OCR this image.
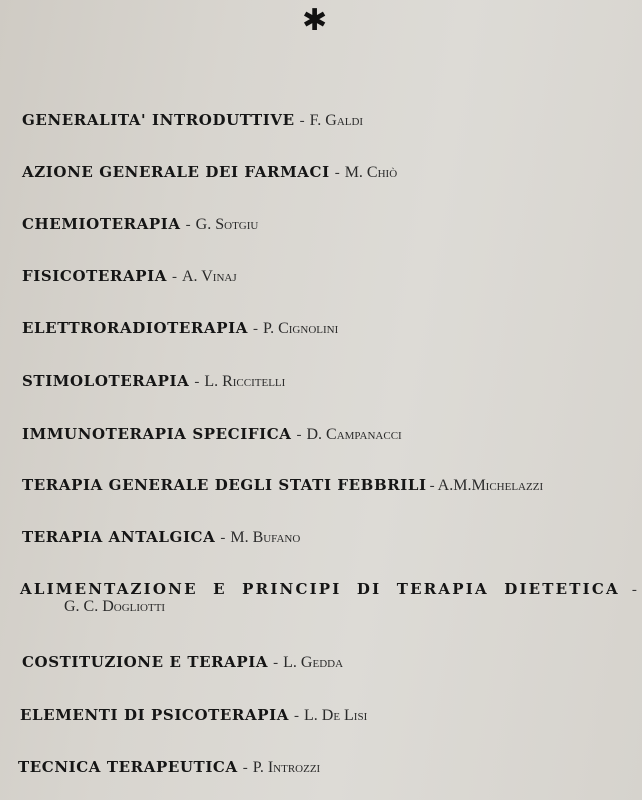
✱
GENERALITA' INTRODUTTIVE - F. Galdi
AZIONE GENERALE DEI FARMACI - M. Chiò
CHEMIOTERAPIA - G. Sotgiu
FISICOTERAPIA - A. Vinaj
ELETTRORADIOTERAPIA - P. Cignolini
STIMOLOTERAPIA - L. Riccitelli
IMMUNOTERAPIA SPECIFICA - D. Campanacci
TERAPIA GENERALE DEGLI STATI FEBBRILI - A.M.Michelazzi
TERAPIA ANTALGICA - M. Bufano
ALIMENTAZIONE E PRINCIPI DI TERAPIA DIETETICA -
G. C. Dogliotti
COSTITUZIONE E TERAPIA - L. Gedda
ELEMENTI DI PSICOTERAPIA - L. De Lisi
TECNICA TERAPEUTICA - P. Introzzi
